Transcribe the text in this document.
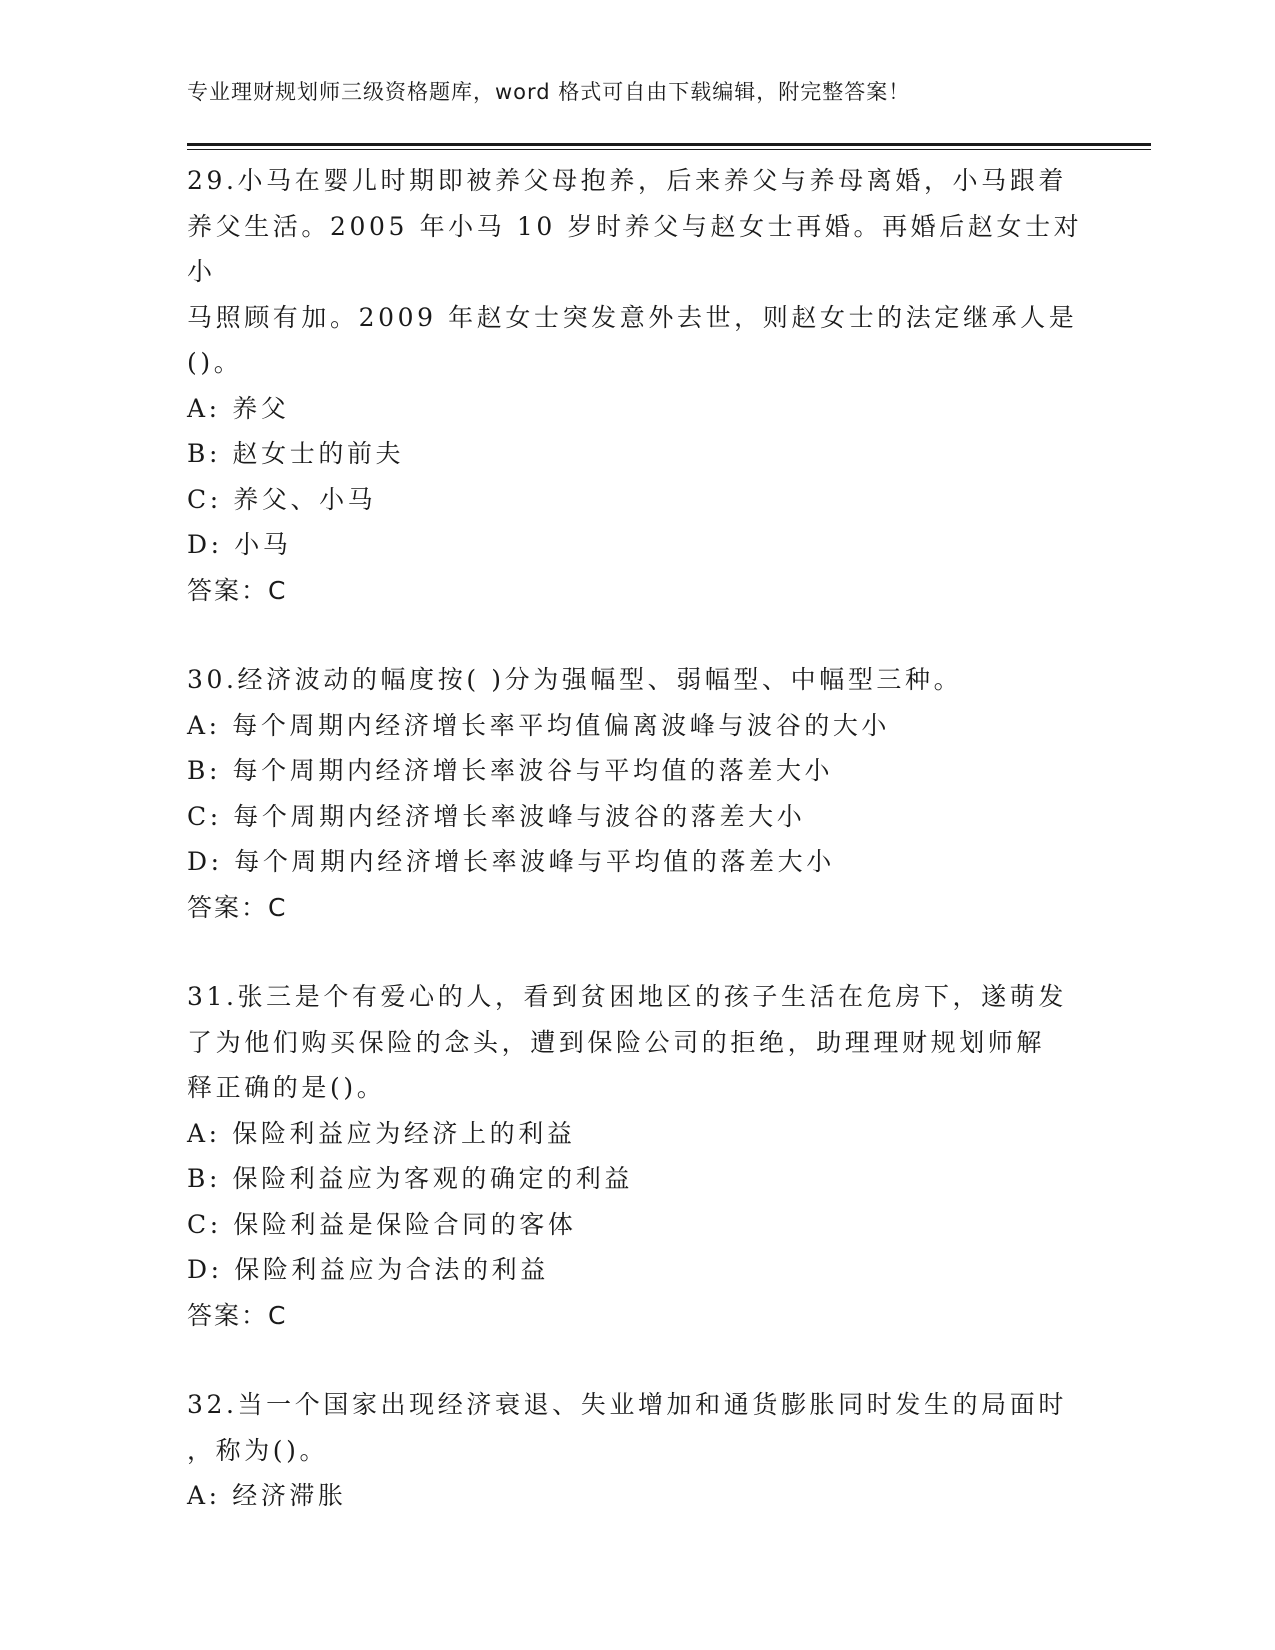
专业理财规划师三级资格题库，word 格式可自由下载编辑，附完整答案！

29.小马在婴儿时期即被养父母抱养，后来养父与养母离婚，小马跟着

养父生活。2005 年小马 10 岁时养父与赵女士再婚。再婚后赵女士对小

马照顾有加。2009 年赵女士突发意外去世，则赵女士的法定继承人是

()。

A: 养父

B: 赵女士的前夫

C: 养父、小马

D: 小马

答案：C

30.经济波动的幅度按( )分为强幅型、弱幅型、中幅型三种。

A: 每个周期内经济增长率平均值偏离波峰与波谷的大小

B: 每个周期内经济增长率波谷与平均值的落差大小

C: 每个周期内经济增长率波峰与波谷的落差大小

D: 每个周期内经济增长率波峰与平均值的落差大小

答案：C

31.张三是个有爱心的人，看到贫困地区的孩子生活在危房下，遂萌发

了为他们购买保险的念头，遭到保险公司的拒绝，助理理财规划师解

释正确的是()。

A: 保险利益应为经济上的利益

B: 保险利益应为客观的确定的利益

C: 保险利益是保险合同的客体

D: 保险利益应为合法的利益

答案：C

32.当一个国家出现经济衰退、失业增加和通货膨胀同时发生的局面时

，称为()。

A: 经济滞胀
